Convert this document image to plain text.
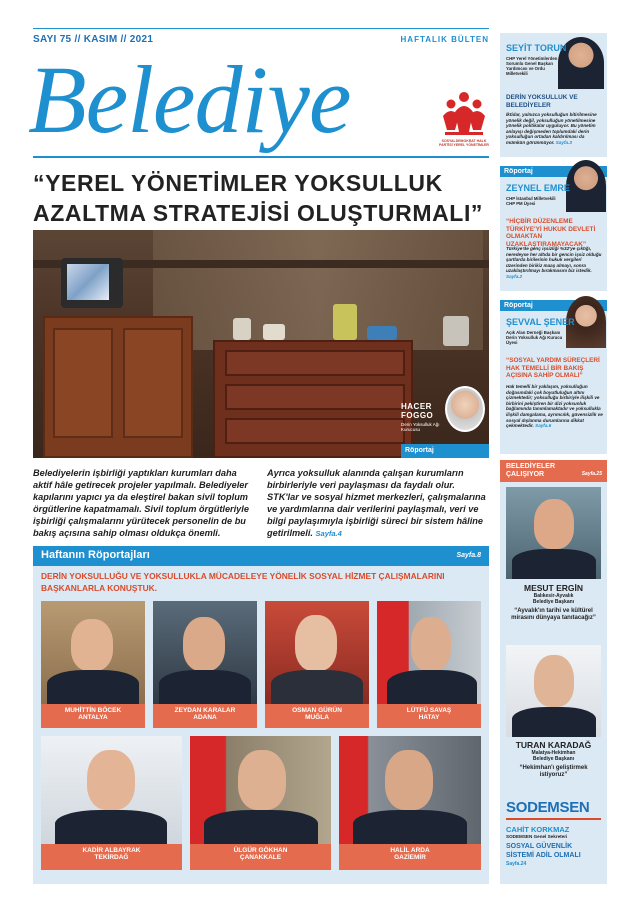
SAYI 75 // KASIM // 2021	HAFTALIK BÜLTEN
Belediye	SOSYALDEMOKRAT HALK PARTİSİ YEREL YÖNETİMLER
“YEREL YÖNETİMLER YOKSULLUK
AZALTMA STRATEJİSİ OLUŞTURMALI”
HACER
FOGGO
Derin Yoksulluk Ağı Kurucusu
Röportaj
Belediyelerin işbirliği yaptıkları kurumları daha aktif hâle getirecek projeler yapılmalı. Belediyeler kapılarını yapıcı ya da eleştirel bakan sivil toplum örgütlerine kapatmamalı. Sivil toplum örgütleriyle işbirliği çalışmalarını yürütecek personelin de bu bakış açısına sahip olması oldukça önemli.
Ayrıca yoksulluk alanında çalışan kurumların birbirleriyle veri paylaşması da faydalı olur. STK'lar ve sosyal hizmet merkezleri, çalışmalarına ve yardımlarına dair verilerini paylaşmalı, veri ve bilgi paylaşımıyla işbirliği süreci bir sistem hâline getirilmeli. Sayfa.4
Haftanın Röportajları	Sayfa.8
DERİN YOKSULLUĞU VE YOKSULLUKLA MÜCADELEYE YÖNELİK SOSYAL HİZMET ÇALIŞMALARINI BAŞKANLARLA KONUŞTUK.
MUHİTTİN BÖCEK
ANTALYA
ZEYDAN KARALAR
ADANA
OSMAN GÜRÜN
MUĞLA
LÜTFÜ SAVAŞ
HATAY
KADİR ALBAYRAK
TEKİRDAĞ
ÜLGÜR GÖKHAN
ÇANAKKALE
HALİL ARDA
GAZİEMİR
SEYİT TORUN
CHP Yerel Yönetimlerden Sorumlu Genel Başkan Yardımcısı ve Ordu Milletvekili
DERİN YOKSULLUK VE BELEDİYELER
İktidar, yalnızca yoksulluğun bitirilmesine yönelik değil, yoksulluğun yönetilmesine yönelik politikalar uyguluyor. Bu yönetim anlayışı değişmeden toplumdaki derin yoksulluğun ortadan kaldırılması da mümkün görünmüyor. Sayfa.3
Röportaj
ZEYNEL EMRE
CHP İstanbul Milletvekili CHP PM Üyesi
“HİÇBİR DÜZENLEME TÜRKİYE'Yİ HUKUK DEVLETİ OLMAKTAN UZAKLAŞTIRAMAYACAK”
Türkiye'de genç işsizliği %32'ye çıktığı, neredeyse her altıda bir gencin işsiz olduğu şartlarda birilerinin hukuk vergileri üzerinden birikiz maaş almayı, sonra uzaklaştırılmayı bırakmasını biz istedik. Sayfa.2
Röportaj
ŞEVVAL ŞENER
Açık Alan Derneği Başkanı Derin Yoksulluk Ağı Kurucu Üyesi
“SOSYAL YARDIM SÜREÇLERİ HAK TEMELLİ BİR BAKIŞ AÇISINA SAHİP OLMALI”
Hak temelli bir yaklaşım, yoksulluğun doğasındaki çok boyutluluğun altını çizmektedir; yoksulluğu birbiriyle ilişkili ve birbirini pekiştiren bir dizi yoksunluk bağlamında tanımlamaktadır ve yoksullukla ilişkili damgalama, ayrımcılık, güvensizlik ve sosyal dışlanma durumlarına dikkat çekmektedir. Sayfa.6
BELEDİYELER
ÇALIŞIYOR	Sayfa.25
MESUT ERGİN
Balıkesir-Ayvalık
Belediye Başkanı
“Ayvalık'ın tarihi ve kültürel mirasını dünyaya tanıtacağız”
TURAN KARADAĞ
Malatya-Hekimhan
Belediye Başkanı
“Hekimhan'ı geliştirmek istiyoruz”
SODEMSEN
CAHİT KORKMAZ
SODEMSEN Genel Sekreteri
SOSYAL GÜVENLİK SİSTEMİ ADİL OLMALI Sayfa.24
